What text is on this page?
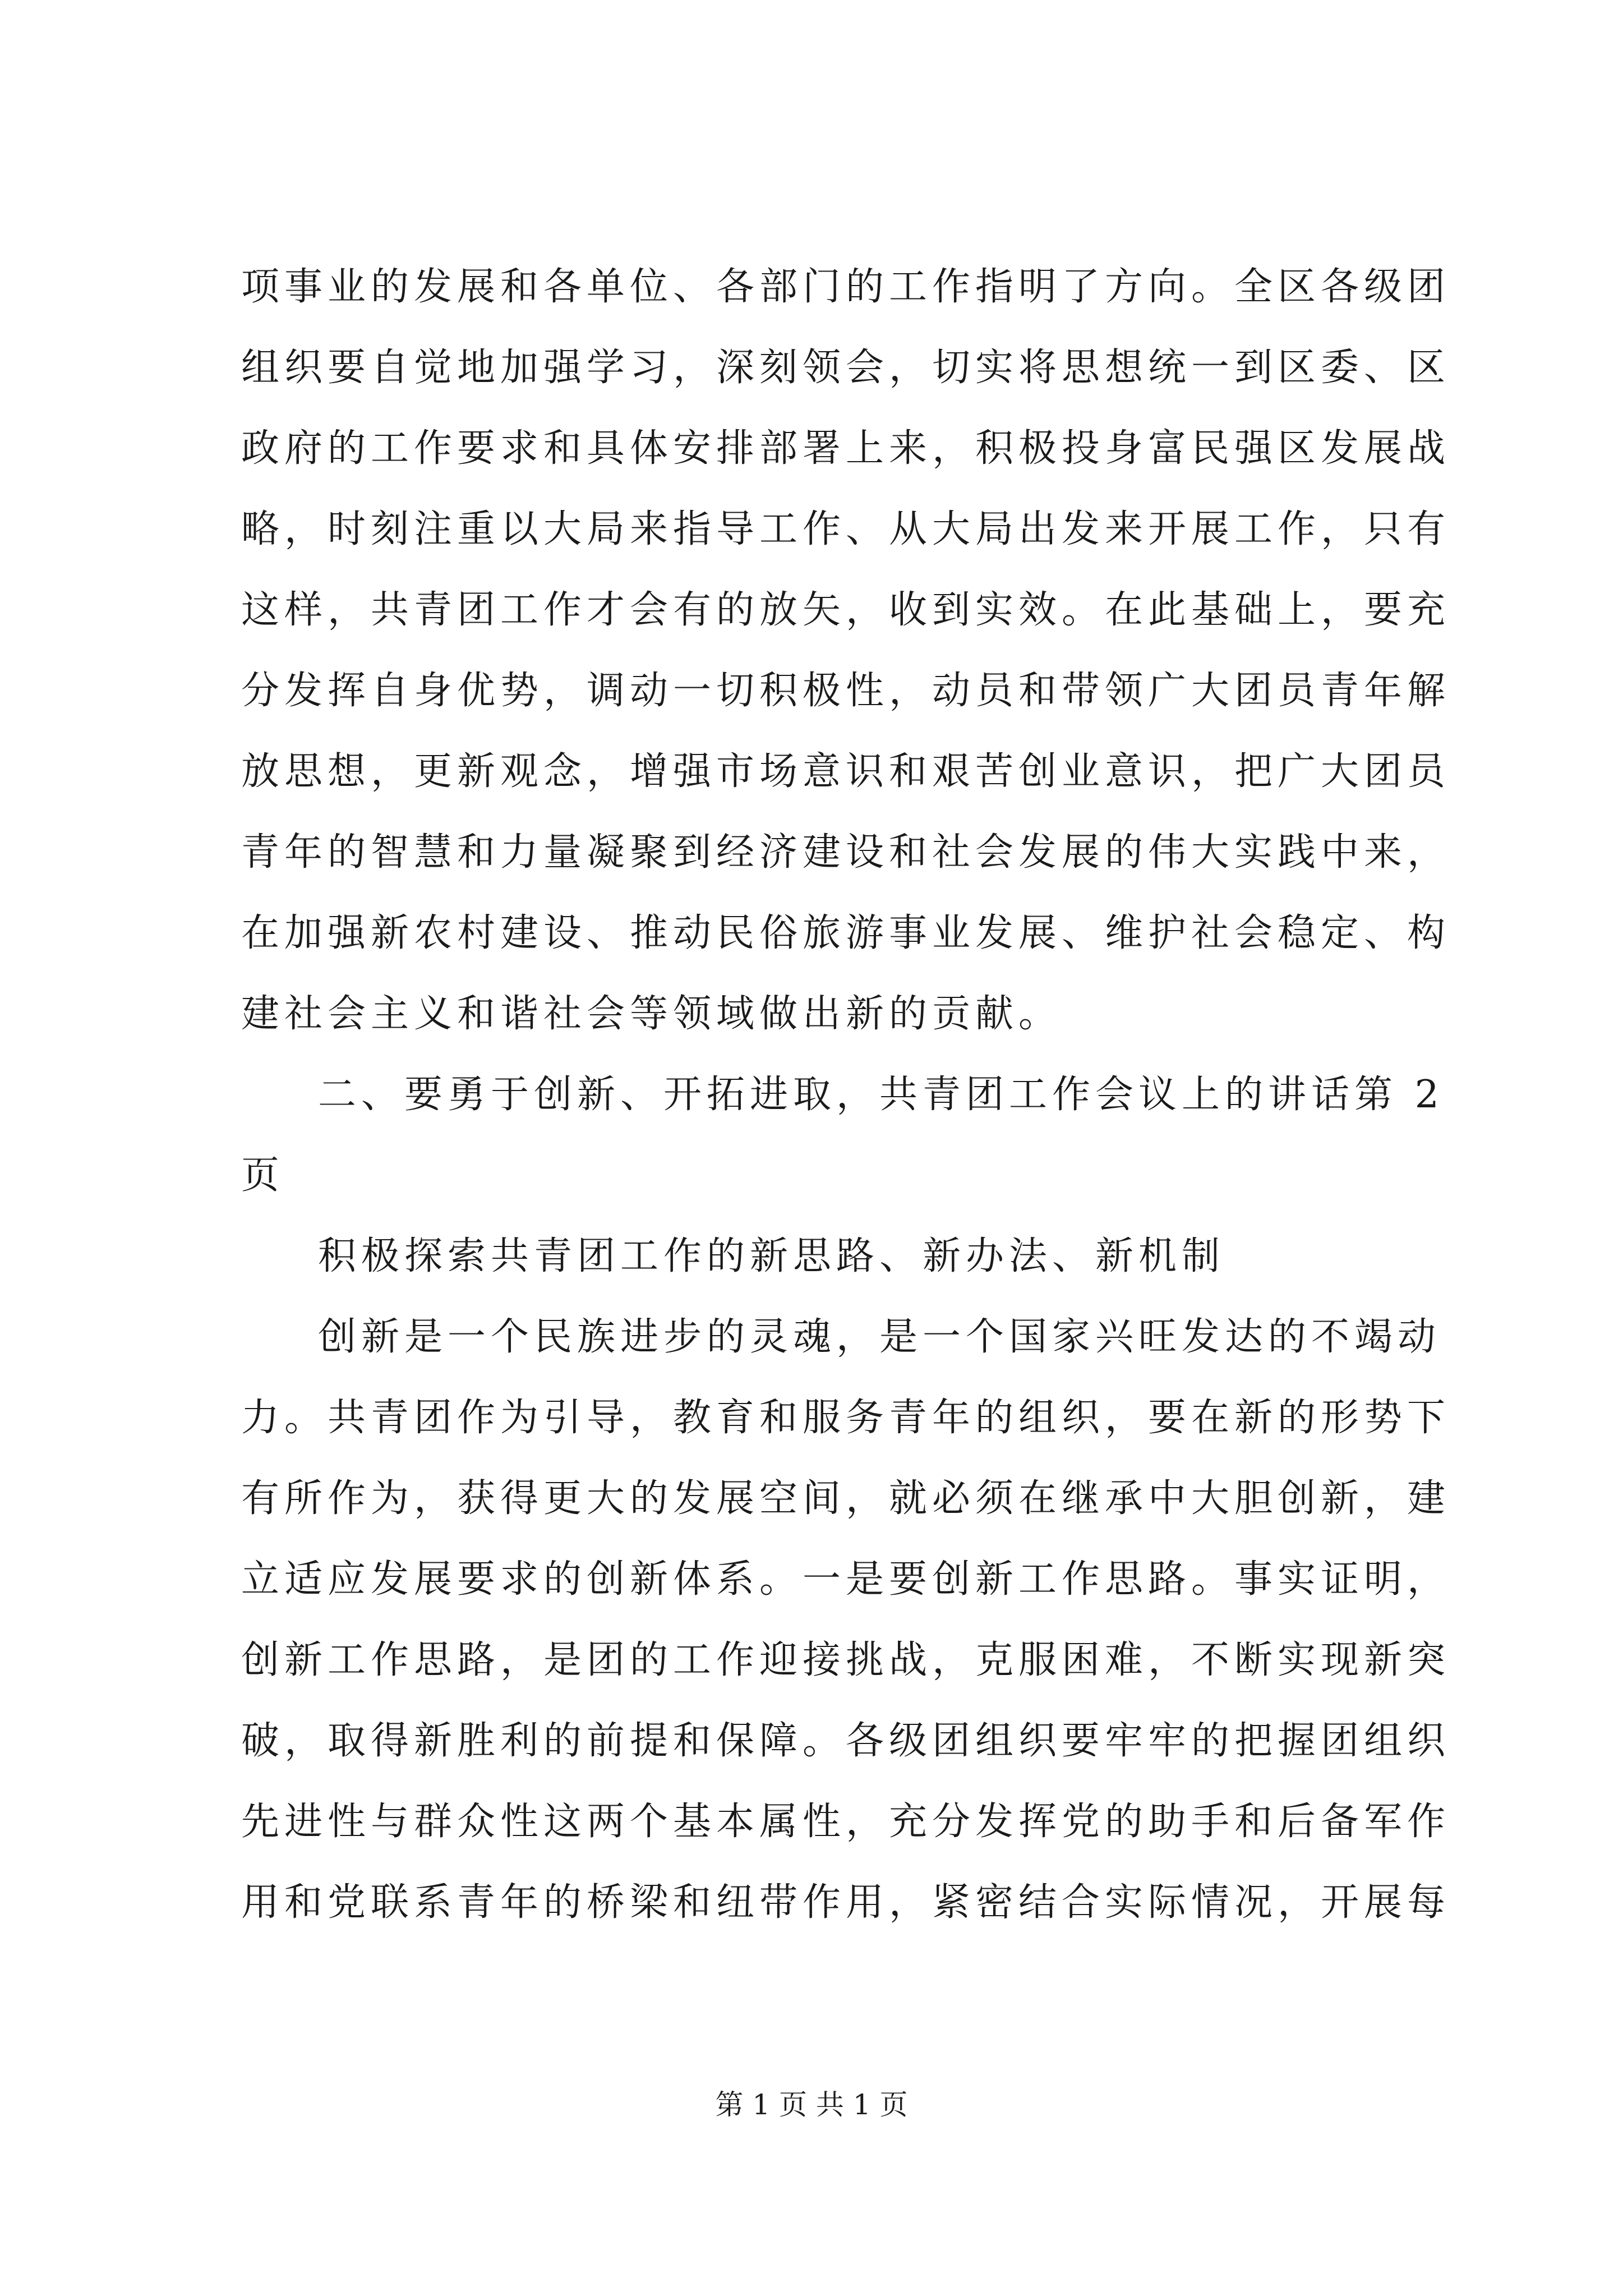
项事业的发展和各单位、各部门的工作指明了方向。全区各级团
组织要自觉地加强学习，深刻领会，切实将思想统一到区委、区
政府的工作要求和具体安排部署上来，积极投身富民强区发展战
略，时刻注重以大局来指导工作、从大局出发来开展工作，只有
这样，共青团工作才会有的放矢，收到实效。在此基础上，要充
分发挥自身优势，调动一切积极性，动员和带领广大团员青年解
放思想，更新观念，增强市场意识和艰苦创业意识，把广大团员
青年的智慧和力量凝聚到经济建设和社会发展的伟大实践中来，
在加强新农村建设、推动民俗旅游事业发展、维护社会稳定、构
建社会主义和谐社会等领域做出新的贡献。
二、要勇于创新、开拓进取，共青团工作会议上的讲话第 2
页
积极探索共青团工作的新思路、新办法、新机制
创新是一个民族进步的灵魂，是一个国家兴旺发达的不竭动
力。共青团作为引导，教育和服务青年的组织，要在新的形势下
有所作为，获得更大的发展空间，就必须在继承中大胆创新，建
立适应发展要求的创新体系。一是要创新工作思路。事实证明，
创新工作思路，是团的工作迎接挑战，克服困难，不断实现新突
破，取得新胜利的前提和保障。各级团组织要牢牢的把握团组织
先进性与群众性这两个基本属性，充分发挥党的助手和后备军作
用和党联系青年的桥梁和纽带作用，紧密结合实际情况，开展每
第 1 页 共 1 页
